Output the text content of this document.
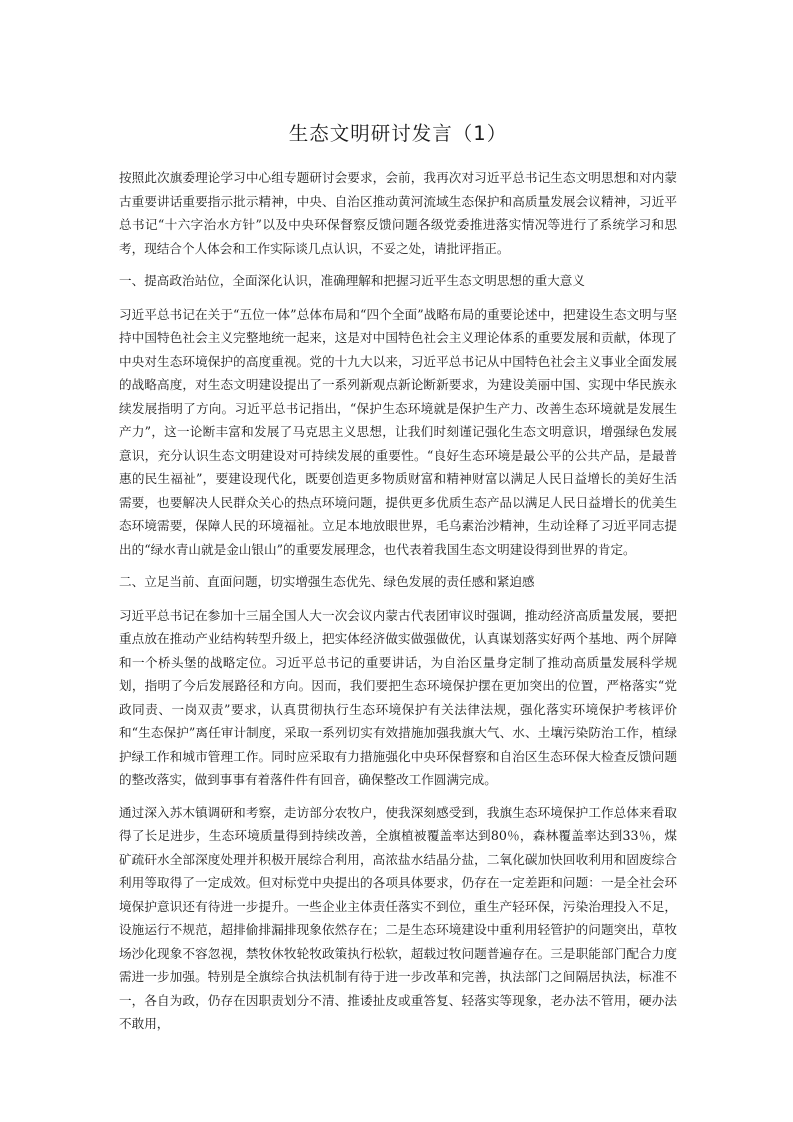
生态文明研讨发言（1）

按照此次旗委理论学习中心组专题研讨会要求，会前，我再次对习近平总书记生态文明思想和对内蒙古重要讲话重要指示批示精神，中央、自治区推动黄河流域生态保护和高质量发展会议精神，习近平总书记“十六字治水方针”以及中央环保督察反馈问题各级党委推进落实情况等进行了系统学习和思考，现结合个人体会和工作实际谈几点认识，不妥之处，请批评指正。

一、提高政治站位，全面深化认识，准确理解和把握习近平生态文明思想的重大意义

习近平总书记在关于“五位一体”总体布局和“四个全面”战略布局的重要论述中，把建设生态文明与坚持中国特色社会主义完整地统一起来，这是对中国特色社会主义理论体系的重要发展和贡献，体现了中央对生态环境保护的高度重视。党的十九大以来，习近平总书记从中国特色社会主义事业全面发展的战略高度，对生态文明建设提出了一系列新观点新论断新要求，为建设美丽中国、实现中华民族永续发展指明了方向。习近平总书记指出，“保护生态环境就是保护生产力、改善生态环境就是发展生产力”，这一论断丰富和发展了马克思主义思想，让我们时刻谨记强化生态文明意识，增强绿色发展意识，充分认识生态文明建设对可持续发展的重要性。“良好生态环境是最公平的公共产品，是最普惠的民生福祉”，要建设现代化，既要创造更多物质财富和精神财富以满足人民日益增长的美好生活需要，也要解决人民群众关心的热点环境问题，提供更多优质生态产品以满足人民日益增长的优美生态环境需要，保障人民的环境福祉。立足本地放眼世界，毛乌素治沙精神，生动诠释了习近平同志提出的“绿水青山就是金山银山”的重要发展理念，也代表着我国生态文明建设得到世界的肯定。

二、立足当前、直面问题，切实增强生态优先、绿色发展的责任感和紧迫感

习近平总书记在参加十三届全国人大一次会议内蒙古代表团审议时强调，推动经济高质量发展，要把重点放在推动产业结构转型升级上，把实体经济做实做强做优，认真谋划落实好两个基地、两个屏障和一个桥头堡的战略定位。习近平总书记的重要讲话，为自治区量身定制了推动高质量发展科学规划，指明了今后发展路径和方向。因而，我们要把生态环境保护摆在更加突出的位置，严格落实“党政同责、一岗双责”要求，认真贯彻执行生态环境保护有关法律法规，强化落实环境保护考核评价和“生态保护”离任审计制度，采取一系列切实有效措施加强我旗大气、水、土壤污染防治工作，植绿护绿工作和城市管理工作。同时应采取有力措施强化中央环保督察和自治区生态环保大检查反馈问题的整改落实，做到事事有着落件件有回音，确保整改工作圆满完成。

通过深入苏木镇调研和考察，走访部分农牧户，使我深刻感受到，我旗生态环境保护工作总体来看取得了长足进步，生态环境质量得到持续改善，全旗植被覆盖率达到80％，森林覆盖率达到33％，煤矿疏矸水全部深度处理并积极开展综合利用，高浓盐水结晶分盐，二氧化碳加快回收利用和固废综合利用等取得了一定成效。但对标党中央提出的各项具体要求，仍存在一定差距和问题：一是全社会环境保护意识还有待进一步提升。一些企业主体责任落实不到位，重生产轻环保，污染治理投入不足，设施运行不规范，超排偷排漏排现象依然存在；二是生态环境建设中重利用轻管护的问题突出，草牧场沙化现象不容忽视，禁牧休牧轮牧政策执行松软，超载过牧问题普遍存在。三是职能部门配合力度需进一步加强。特别是全旗综合执法机制有待于进一步改革和完善，执法部门之间隔居执法，标准不一，各自为政，仍存在因职责划分不清、推诿扯皮或重答复、轻落实等现象，老办法不管用，硬办法不敢用，
